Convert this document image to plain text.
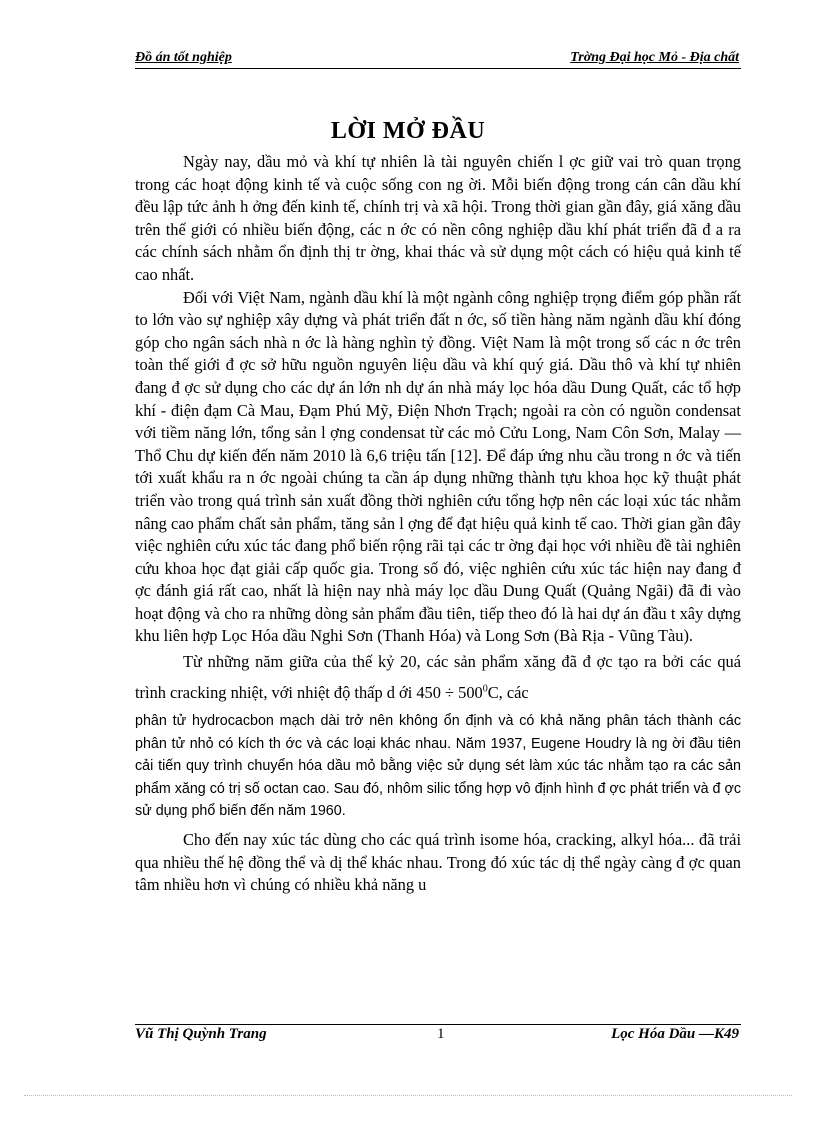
Đồ án tốt nghiệp	Trờng Đại học Mỏ - Địa chất
LỜI MỞ ĐẦU

Ngày nay, dầu mỏ và khí tự nhiên là tài nguyên chiến l ợc giữ vai trò quan trọng trong các hoạt động kinh tế và cuộc sống con ng ời. Mỗi biến động trong cán cân dầu khí đều lập tức ảnh h ởng đến kinh tế, chính trị và xã hội. Trong thời gian gần đây, giá xăng dầu trên thế giới có nhiều biến động, các n ớc có nền công nghiệp dầu khí phát triển đã đ a ra các chính sách nhằm ổn định thị tr ờng, khai thác và sử dụng một cách có hiệu quả kinh tế cao nhất.

Đối với Việt Nam, ngành dầu khí là một ngành công nghiệp trọng điểm góp phần rất to lớn vào sự nghiệp xây dựng và phát triển đất n ớc, số tiền hàng năm ngành dầu khí đóng góp cho ngân sách nhà n ớc là hàng nghìn tỷ đồng. Việt Nam là một trong số các n ớc trên toàn thế giới đ ợc sở hữu nguồn nguyên liệu dầu và khí quý giá. Dầu thô và khí tự nhiên đang đ ợc sử dụng cho các dự án lớn nh dự án nhà máy lọc hóa dầu Dung Quất, các tổ hợp khí - điện đạm Cà Mau, Đạm Phú Mỹ, Điện Nhơn Trạch; ngoài ra còn có nguồn condensat với tiềm năng lớn, tổng sản l ợng condensat từ các mỏ Cửu Long, Nam Côn Sơn, Malay — Thổ Chu dự kiến đến năm 2010 là 6,6 triệu tấn [12]. Để đáp ứng nhu cầu trong n ớc và tiến tới xuất khẩu ra n ớc ngoài chúng ta cần áp dụng những thành tựu khoa học kỹ thuật phát triển vào trong quá trình sản xuất đồng thời nghiên cứu tổng hợp nên các loại xúc tác nhằm nâng cao phẩm chất sản phẩm, tăng sản l ợng để đạt hiệu quả kinh tế cao. Thời gian gần đây việc nghiên cứu xúc tác đang phổ biến rộng rãi tại các tr ờng đại học với nhiều đề tài nghiên cứu khoa học đạt giải cấp quốc gia. Trong số đó, việc nghiên cứu xúc tác hiện nay đang đ ợc đánh giá rất cao, nhất là hiện nay nhà máy lọc dầu Dung Quất (Quảng Ngãi) đã đi vào hoạt động và cho ra những dòng sản phẩm đầu tiên, tiếp theo đó là hai dự án đầu t xây dựng khu liên hợp Lọc Hóa dầu Nghi Sơn (Thanh Hóa) và Long Sơn (Bà Rịa - Vũng Tàu).

Từ những năm giữa của thế kỷ 20, các sản phẩm xăng đã đ ợc tạo ra bởi các quá trình cracking nhiệt, với nhiệt độ thấp d ới $450 \div 500^0C$, các

phân tử hydrocacbon mạch dài trở nên không ổn định và có khả năng phân tách thành các phân tử nhỏ có kích th ớc và các loại khác nhau. Năm 1937, Eugene Houdry là ng ời đầu tiên cải tiến quy trình chuyển hóa dầu mỏ bằng việc sử dụng sét làm xúc tác nhằm tạo ra các sản phẩm xăng có trị số octan cao. Sau đó, nhôm silic tổng hợp vô định hình đ ợc phát triển và đ ợc sử dụng phổ biến đến năm 1960.

Cho đến nay xúc tác dùng cho các quá trình isome hóa, cracking, alkyl hóa... đã trải qua nhiều thế hệ đồng thể và dị thể khác nhau. Trong đó xúc tác dị thể ngày càng đ ợc quan tâm nhiều hơn vì chúng có nhiều khả năng u

Vũ Thị Quỳnh Trang	1	Lọc Hóa Dầu —K49
